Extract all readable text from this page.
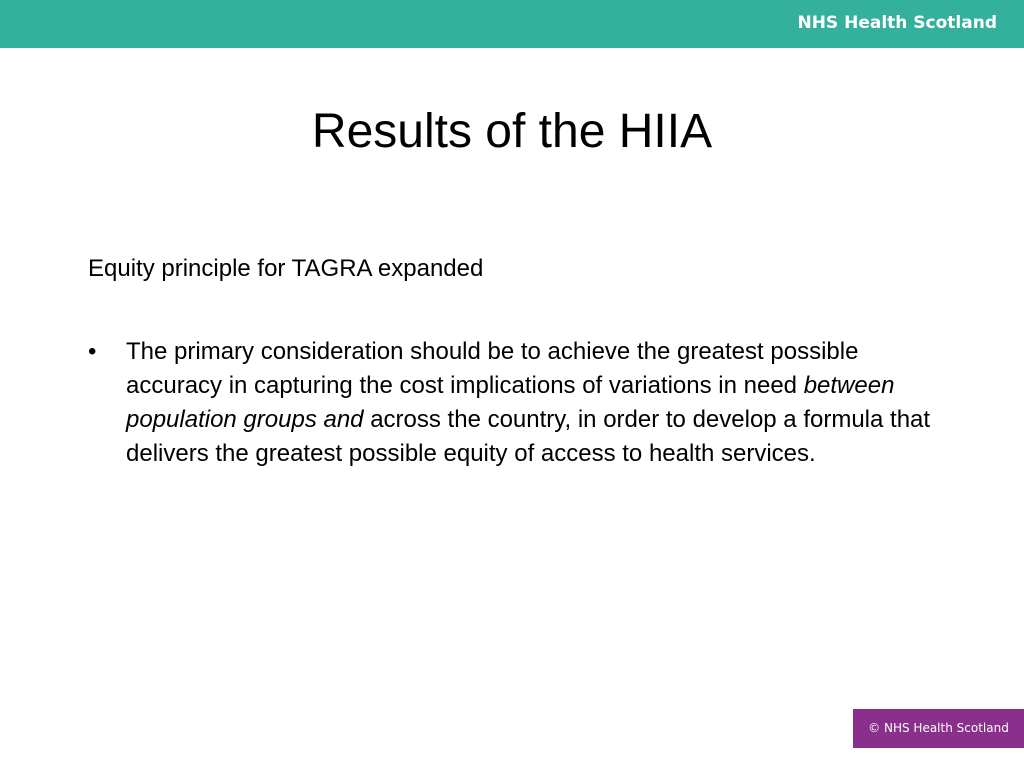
NHS Health Scotland
Results of the HIIA
Equity principle for TAGRA expanded
• The primary consideration should be to achieve the greatest possible accuracy in capturing the cost implications of variations in need between population groups and across the country, in order to develop a formula that delivers the greatest possible equity of access to health services.
© NHS Health Scotland
